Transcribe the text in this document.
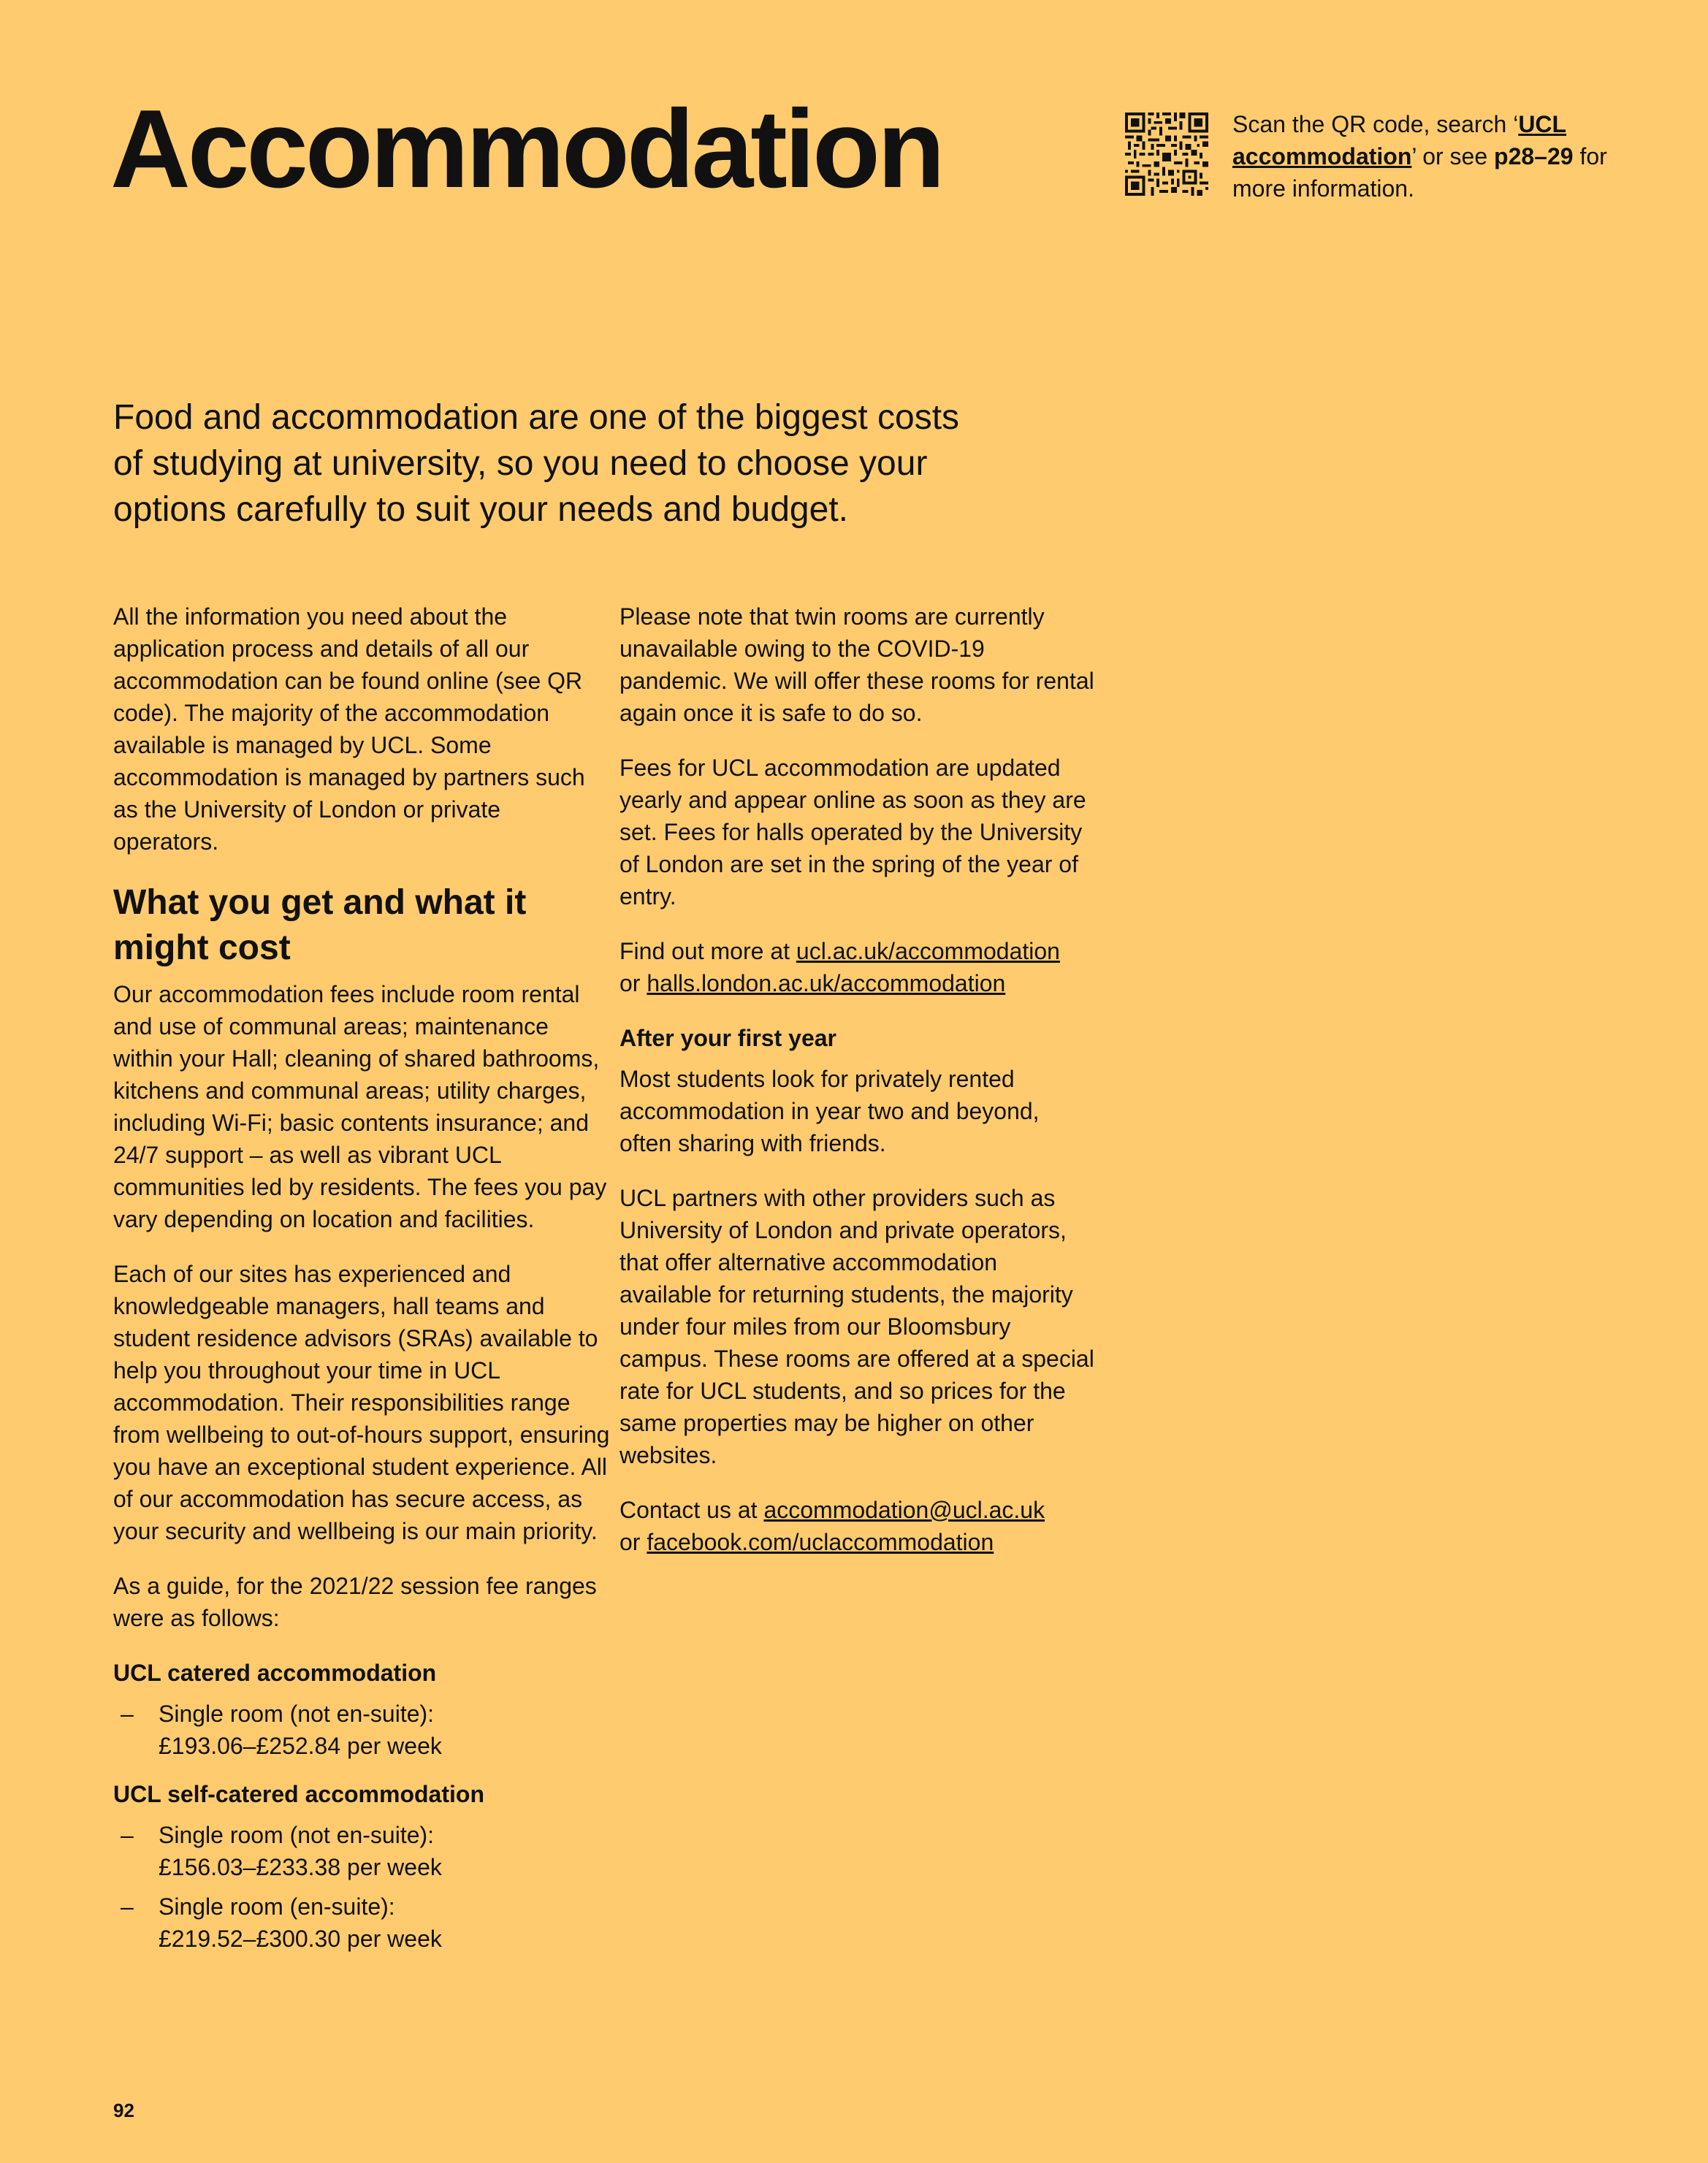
Accommodation	Scan the QR code, search ‘UCL accommodation’ or see p28–29 for more information.

Food and accommodation are one of the biggest costs of studying at university, so you need to choose your options carefully to suit your needs and budget.

All the information you need about the application process and details of all our accommodation can be found online (see QR code). The majority of the accommodation available is managed by UCL. Some accommodation is managed by partners such as the University of London or private operators.

What you get and what it might cost

Our accommodation fees include room rental and use of communal areas; maintenance within your Hall; cleaning of shared bathrooms, kitchens and communal areas; utility charges, including Wi-Fi; basic contents insurance; and 24/7 support – as well as vibrant UCL communities led by residents. The fees you pay vary depending on location and facilities.

Each of our sites has experienced and knowledgeable managers, hall teams and student residence advisors (SRAs) available to help you throughout your time in UCL accommodation. Their responsibilities range from wellbeing to out-of-hours support, ensuring you have an exceptional student experience. All of our accommodation has secure access, as your security and wellbeing is our main priority.

As a guide, for the 2021/22 session fee ranges were as follows:

UCL catered accommodation
– Single room (not en-suite):
£193.06–£252.84 per week
UCL self-catered accommodation
– Single room (not en-suite):
£156.03–£233.38 per week
– Single room (en-suite):
£219.52–£300.30 per week

Please note that twin rooms are currently unavailable owing to the COVID-19 pandemic. We will offer these rooms for rental again once it is safe to do so.

Fees for UCL accommodation are updated yearly and appear online as soon as they are set. Fees for halls operated by the University of London are set in the spring of the year of entry.

Find out more at ucl.ac.uk/accommodation
or halls.london.ac.uk/accommodation

After your first year

Most students look for privately rented accommodation in year two and beyond, often sharing with friends.

UCL partners with other providers such as University of London and private operators, that offer alternative accommodation available for returning students, the majority under four miles from our Bloomsbury campus. These rooms are offered at a special rate for UCL students, and so prices for the same properties may be higher on other websites.

Contact us at accommodation@ucl.ac.uk
or facebook.com/uclaccommodation

92
